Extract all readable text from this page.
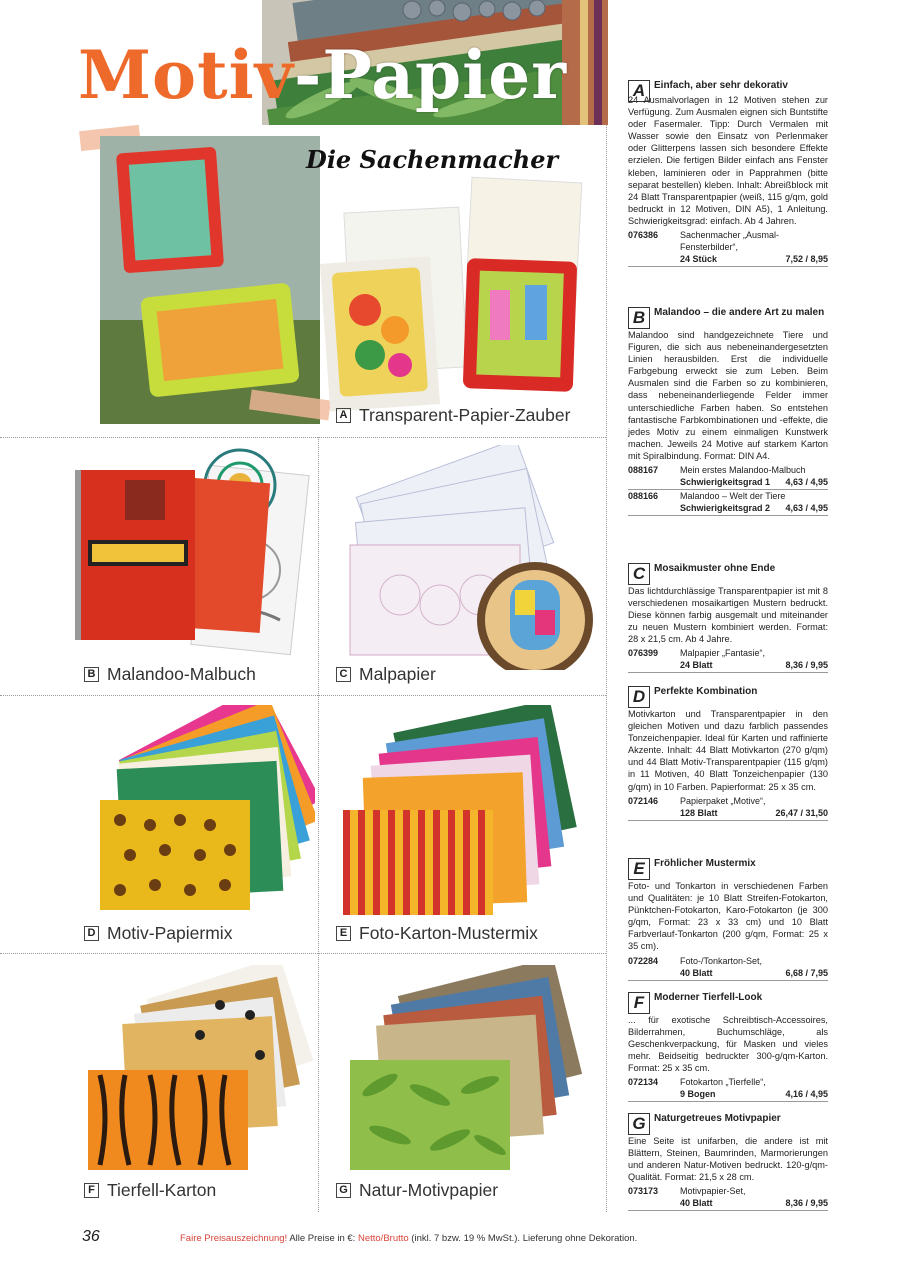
Motiv-Papier
Die Sachenmacher
A Transparent-Papier-Zauber
B Malandoo-Malbuch	C Malpapier
D Motiv-Papiermix	E Foto-Karton-Mustermix
F Tierfell-Karton	G Natur-Motivpapier
A Einfach, aber sehr dekorativ
24 Ausmalvorlagen in 12 Motiven stehen zur Verfügung. Zum Ausmalen eignen sich Buntstifte oder Fasermaler. Tipp: Durch Vermalen mit Wasser sowie den Einsatz von Perlenmaker oder Glitterpens lassen sich besondere Effekte erzielen. Die fertigen Bilder einfach ans Fenster kleben, laminieren oder in Papprahmen (bitte separat bestellen) kleben. Inhalt: Abreißblock mit 24 Blatt Transparentpapier (weiß, 115 g/qm, gold bedruckt in 12 Motiven, DIN A5), 1 Anleitung. Schwierigkeitsgrad: einfach. Ab 4 Jahren.
076386	Sachenmacher „Ausmal-Fensterbilder“,
24 Stück	7,52 / 8,95
B Malandoo – die andere Art zu malen
Malandoo sind handgezeichnete Tiere und Figuren, die sich aus nebeneinandergesetzten Linien herausbilden. Erst die individuelle Farbgebung erweckt sie zum Leben. Beim Ausmalen sind die Farben so zu kombinieren, dass nebeneinanderliegende Felder immer unterschiedliche Farben haben. So entstehen fantastische Farbkombinationen und -effekte, die jedes Motiv zu einem einmaligen Kunstwerk machen. Jeweils 24 Motive auf starkem Karton mit Spiralbindung. Format: DIN A4.
088167	Mein erstes Malandoo-Malbuch
Schwierigkeitsgrad 1 4,63 / 4,95
088166	Malandoo – Welt der Tiere
Schwierigkeitsgrad 2 4,63 / 4,95
C Mosaikmuster ohne Ende
Das lichtdurchlässige Transparentpapier ist mit 8 verschiedenen mosaikartigen Mustern bedruckt. Diese können farbig ausgemalt und miteinander zu neuen Mustern kombiniert werden. Format: 28 x 21,5 cm. Ab 4 Jahre.
076399	Malpapier „Fantasie“,
24 Blatt	8,36 / 9,95
D Perfekte Kombination
Motivkarton und Transparentpapier in den gleichen Motiven und dazu farblich passendes Tonzeichenpapier. Ideal für Karten und raffinierte Akzente. Inhalt: 44 Blatt Motivkarton (270 g/qm) und 44 Blatt Motiv-Transparentpapier (115 g/qm) in 11 Motiven, 40 Blatt Tonzeichenpapier (130 g/qm) in 10 Farben. Papierformat: 25 x 35 cm.
072146	Papierpaket „Motive“,
128 Blatt	26,47 / 31,50
E Fröhlicher Mustermix
Foto- und Tonkarton in verschiedenen Farben und Qualitäten: je 10 Blatt Streifen-Fotokarton, Pünktchen-Fotokarton, Karo-Fotokarton (je 300 g/qm, Format: 23 x 33 cm) und 10 Blatt Farbverlauf-Tonkarton (200 g/qm, Format: 25 x 35 cm).
072284	Foto-/Tonkarton-Set,
40 Blatt	6,68 / 7,95
F Moderner Tierfell-Look
... für exotische Schreibtisch-Accessoires, Bilderrahmen, Buchumschläge, als Geschenkverpackung, für Masken und vieles mehr. Beidseitig bedruckter 300-g/qm-Karton. Format: 25 x 35 cm.
072134	Fotokarton „Tierfelle“,
9 Bogen	4,16 / 4,95
G Naturgetreues Motivpapier
Eine Seite ist unifarben, die andere ist mit Blättern, Steinen, Baumrinden, Marmorierungen und anderen Natur-Motiven bedruckt. 120-g/qm-Qualität. Format: 21,5 x 28 cm.
073173	Motivpapier-Set,
40 Blatt	8,36 / 9,95
36	Faire Preisauszeichnung! Alle Preise in €: Netto/Brutto (inkl. 7 bzw. 19 % MwSt.). Lieferung ohne Dekoration.
